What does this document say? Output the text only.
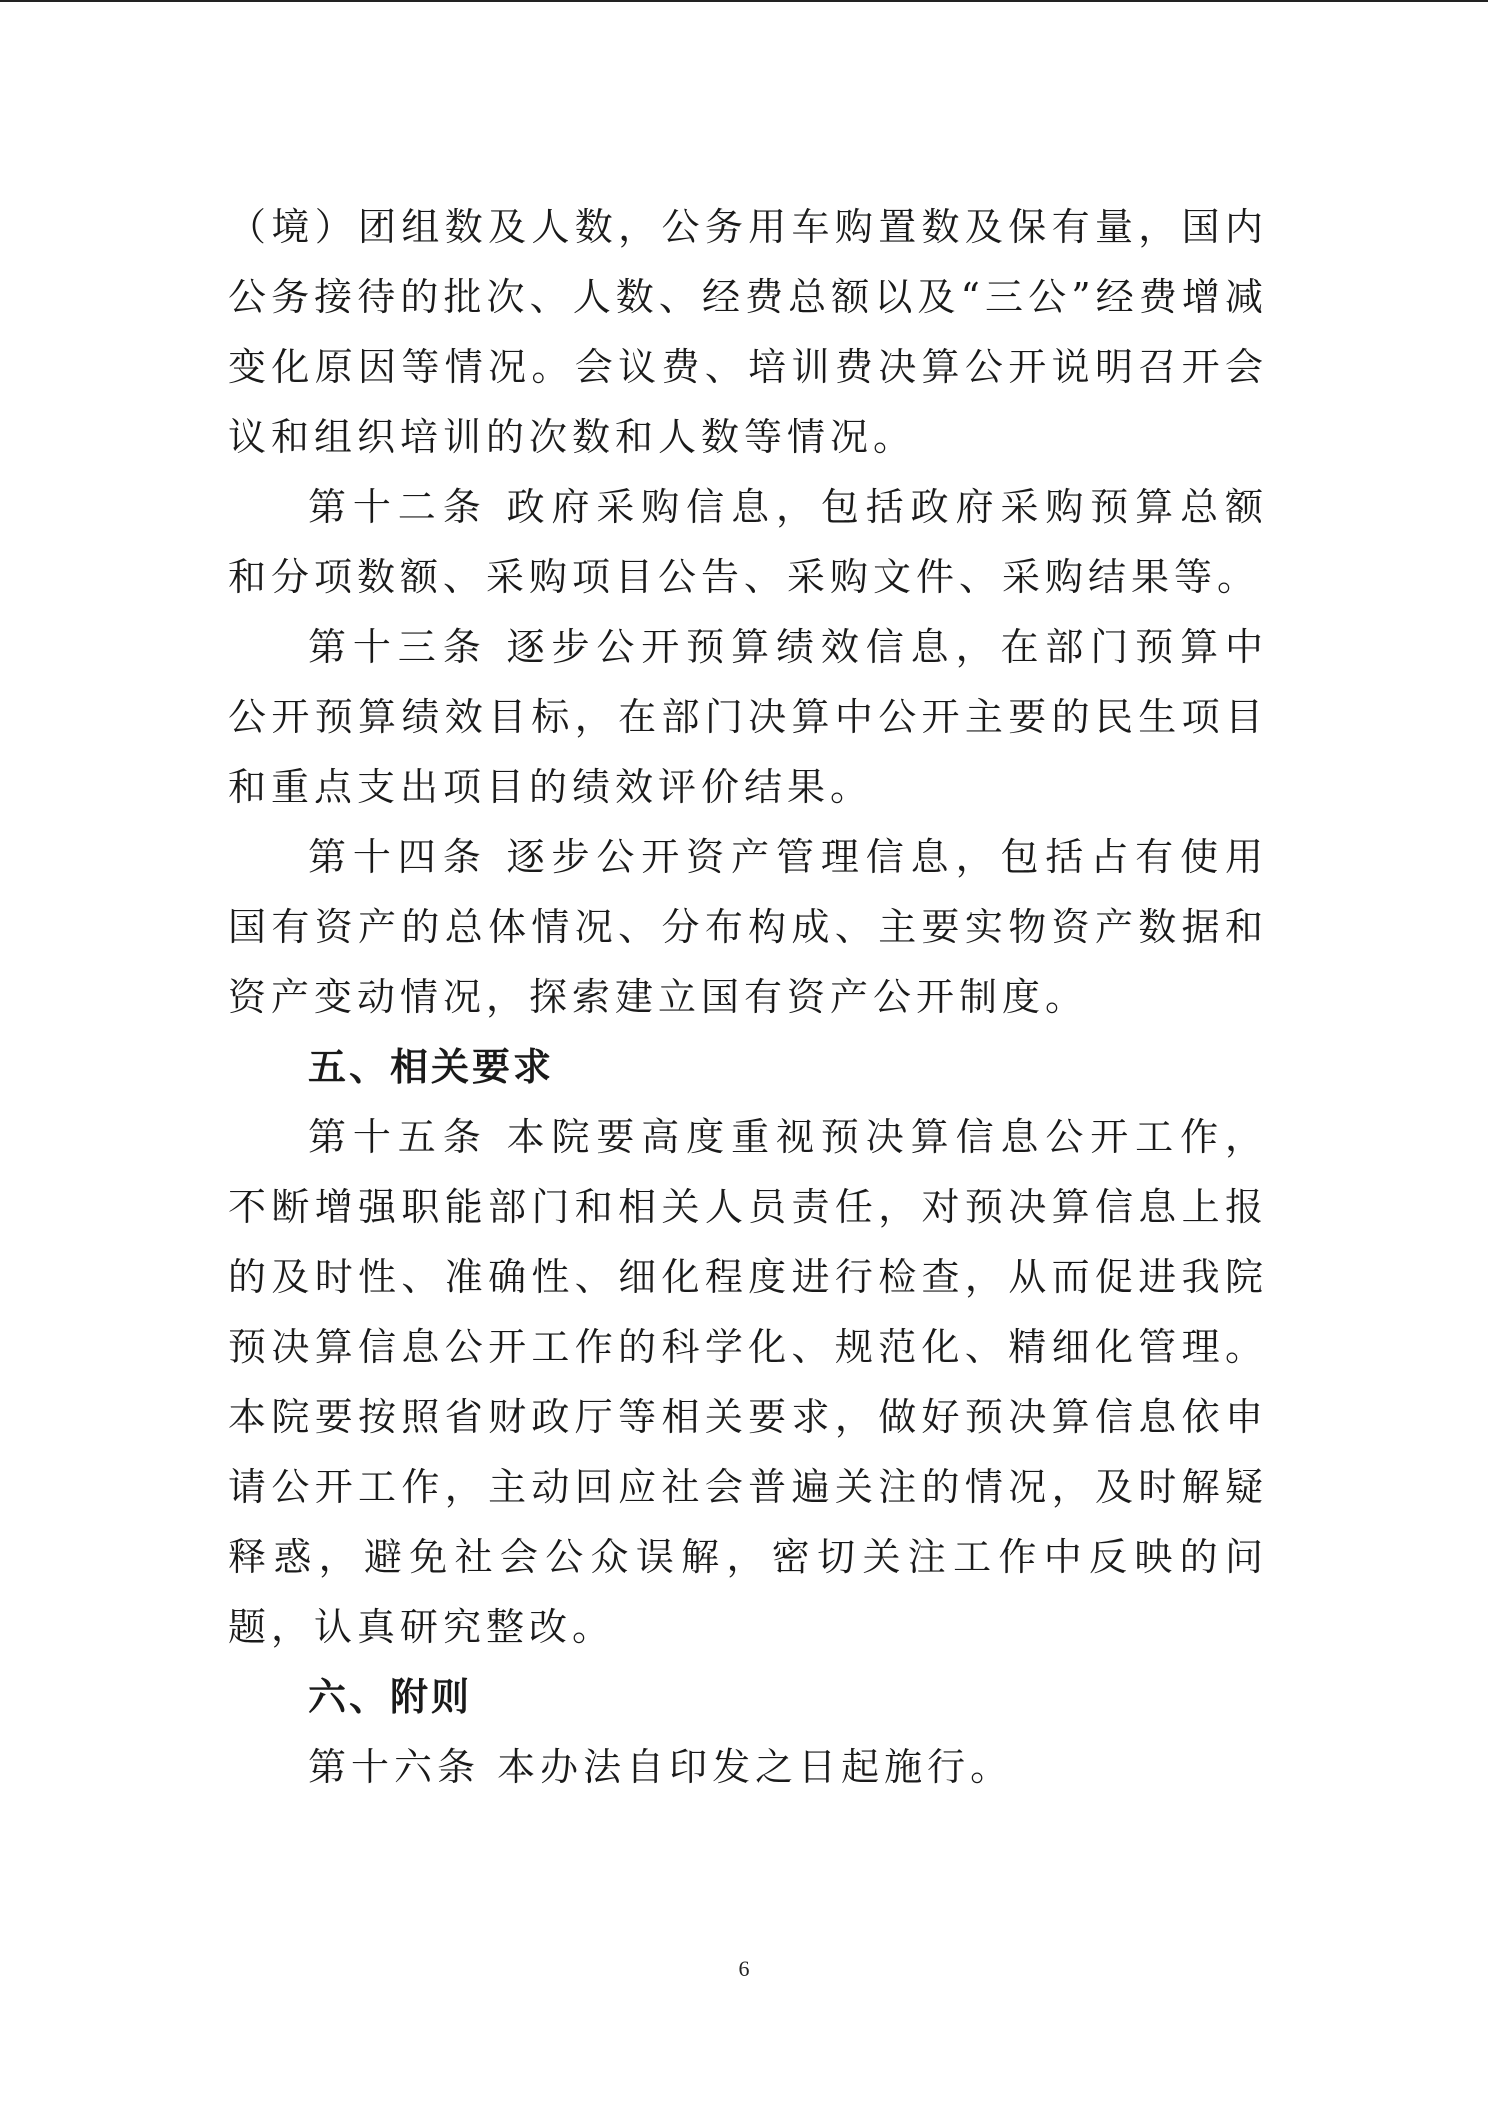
（境）团组数及人数，公务用车购置数及保有量，国内公务接待的批次、人数、经费总额以及“三公”经费增减变化原因等情况。会议费、培训费决算公开说明召开会议和组织培训的次数和人数等情况。

第十二条 政府采购信息，包括政府采购预算总额和分项数额、采购项目公告、采购文件、采购结果等。

第十三条 逐步公开预算绩效信息，在部门预算中公开预算绩效目标，在部门决算中公开主要的民生项目和重点支出项目的绩效评价结果。

第十四条 逐步公开资产管理信息，包括占有使用国有资产的总体情况、分布构成、主要实物资产数据和资产变动情况，探索建立国有资产公开制度。

五、相关要求

第十五条 本院要高度重视预决算信息公开工作，不断增强职能部门和相关人员责任，对预决算信息上报的及时性、准确性、细化程度进行检查，从而促进我院预决算信息公开工作的科学化、规范化、精细化管理。本院要按照省财政厅等相关要求，做好预决算信息依申请公开工作，主动回应社会普遍关注的情况，及时解疑释惑，避免社会公众误解，密切关注工作中反映的问题，认真研究整改。

六、附则

第十六条 本办法自印发之日起施行。

6
